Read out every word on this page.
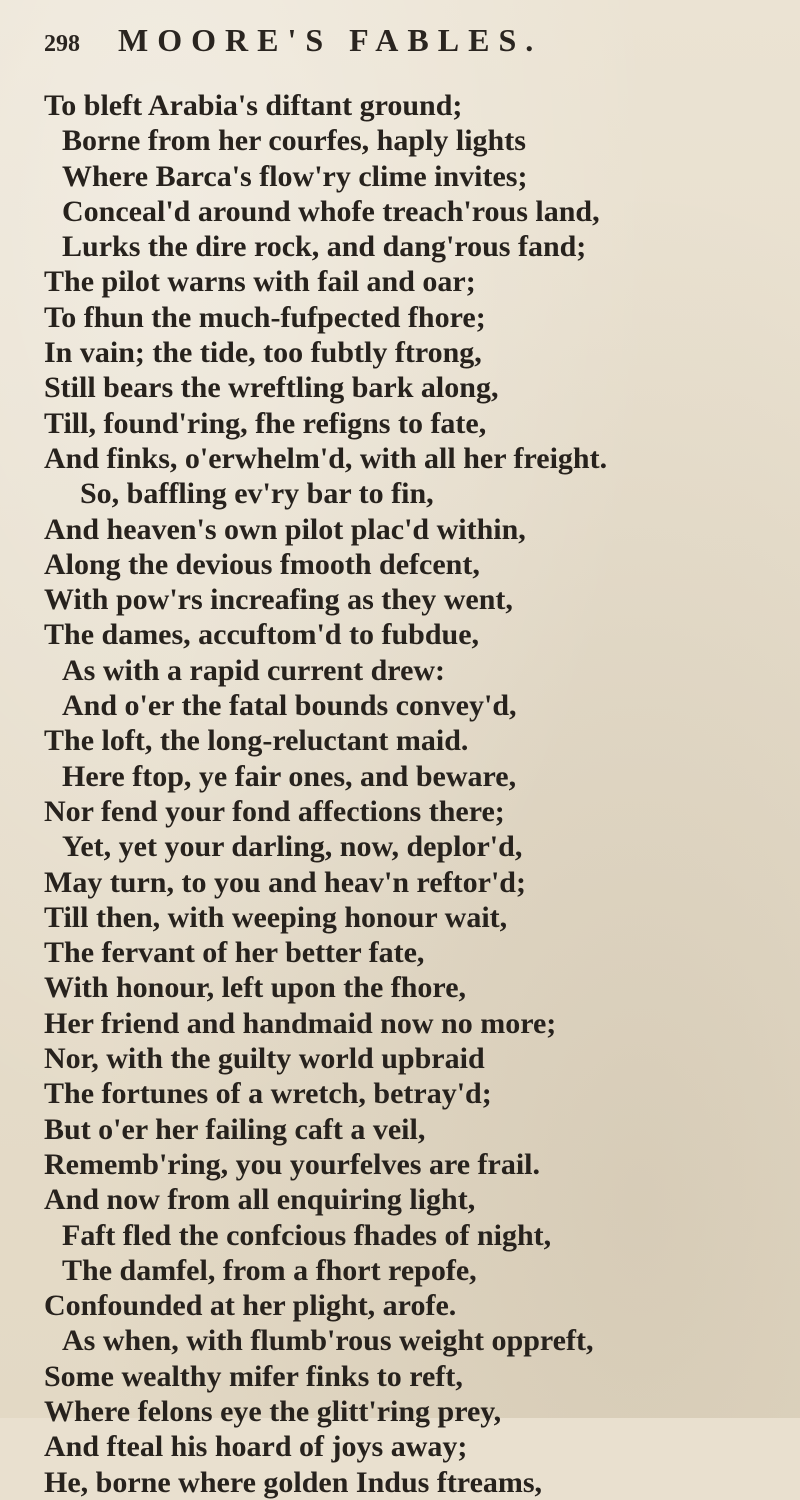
298	MOORE'S FABLES.
To bleft Arabia's diftant ground;
Borne from her courfes, haply lights
Where Barca's flow'ry clime invites;
Conceal'd around whofe treach'rous land,
Lurks the dire rock, and dang'rous fand;
The pilot warns with fail and oar;
To fhun the much-fufpected fhore;
In vain; the tide, too fubtly ftrong,
Still bears the wreftling bark along,
Till, found'ring, fhe refigns to fate,
And finks, o'erwhelm'd, with all her freight.
So, baffling ev'ry bar to fin,
And heaven's own pilot plac'd within,
Along the devious fmooth defcent,
With pow'rs increafing as they went,
The dames, accuftom'd to fubdue,
As with a rapid current drew:
And o'er the fatal bounds convey'd,
The loft, the long-reluctant maid.
Here ftop, ye fair ones, and beware,
Nor fend your fond affections there;
Yet, yet your darling, now, deplor'd,
May turn, to you and heav'n reftor'd;
Till then, with weeping honour wait,
The fervant of her better fate,
With honour, left upon the fhore,
Her friend and handmaid now no more;
Nor, with the guilty world upbraid
The fortunes of a wretch, betray'd;
But o'er her failing caft a veil,
Rememb'ring, you yourfelves are frail.
And now from all enquiring light,
Faft fled the confcious fhades of night,
The damfel, from a fhort repofe,
Confounded at her plight, arofe.
As when, with flumb'rous weight oppreft,
Some wealthy mifer finks to reft,
Where felons eye the glitt'ring prey,
And fteal his hoard of joys away;
He, borne where golden Indus ftreams,
